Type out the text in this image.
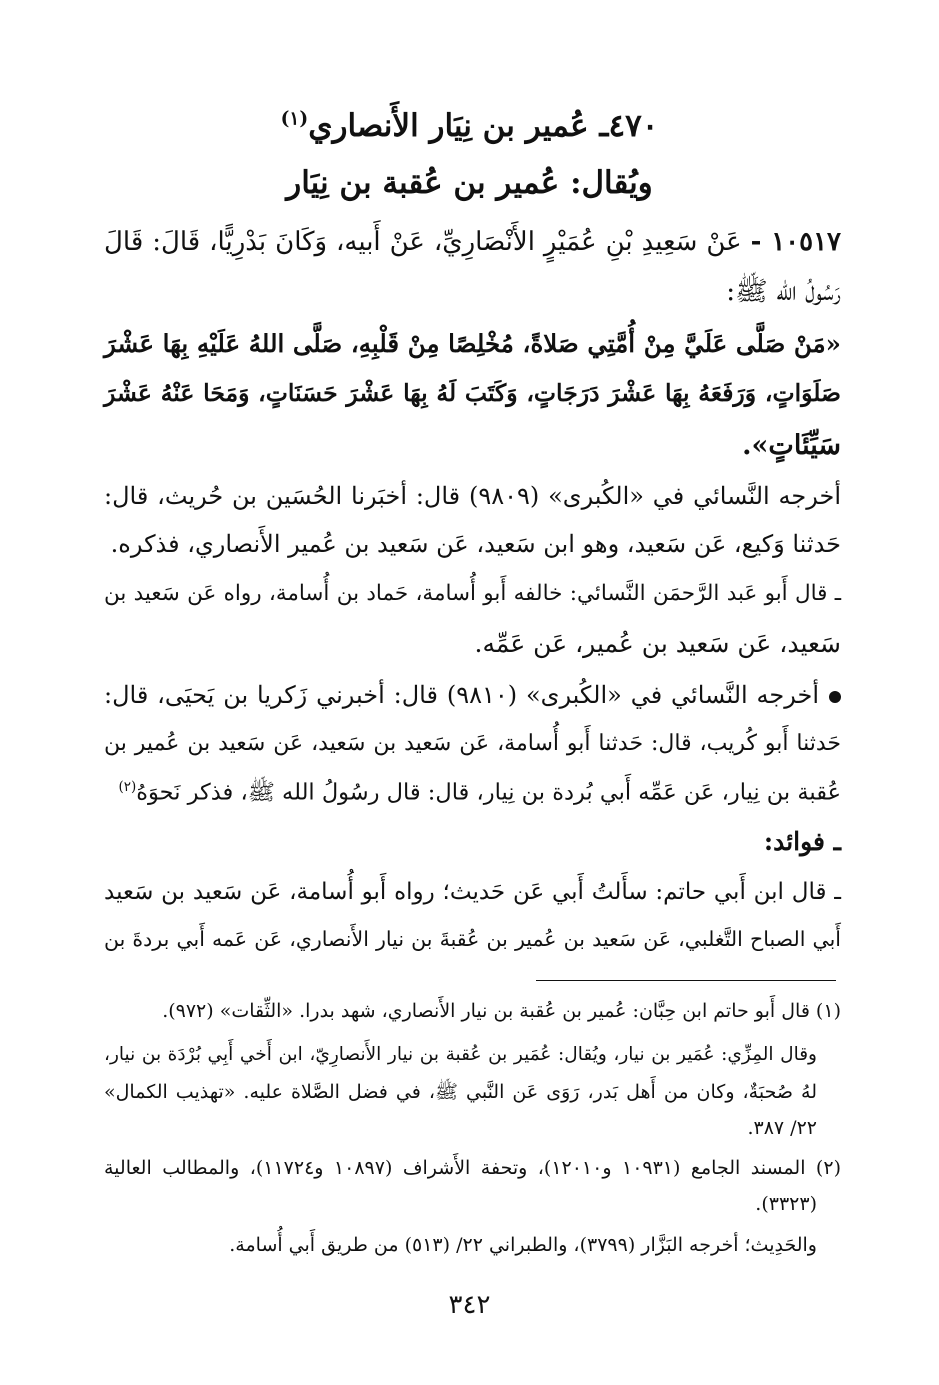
٤٧٠ـ عُمير بن نِيَار الأَنصاري$^{(١)}$
ويُقال: عُمير بن عُقبة بن نِيَار
١٠٥١٧ - عَنْ سَعِيدِ بْنِ عُمَيْرٍ الأَنْصَارِيِّ، عَنْ أَبيه، وَكَانَ بَدْرِيًّا، قَالَ: قَالَ
رَسُولُ الله ﷺ:
«مَنْ صَلَّى عَلَيَّ مِنْ أُمَّتِي صَلاةً، مُخْلِصًا مِنْ قَلْبِهِ، صَلَّى اللهُ عَلَيْهِ بِهَا عَشْرَ
صَلَوَاتٍ، وَرَفَعَهُ بِهَا عَشْرَ دَرَجَاتٍ، وَكَتَبَ لَهُ بِهَا عَشْرَ حَسَنَاتٍ، وَمَحَا عَنْهُ عَشْرَ
سَيِّئَاتٍ».
أخرجه النَّسائي في «الكُبرى» (٩٨٠٩) قال: أخبَرنا الحُسَين بن حُريث، قال:
حَدثنا وَكيع، عَن سَعيد، وهو ابن سَعيد، عَن سَعيد بن عُمير الأَنصاري، فذكره.
ـ قال أَبو عَبد الرَّحمَن النَّسائي: خالفه أَبو أُسامة، حَماد بن أُسامة، رواه عَن سَعيد بن
سَعيد، عَن سَعيد بن عُمير، عَن عَمِّه.
أخرجه النَّسائي في «الكُبرى» (٩٨١٠) قال: أخبرني زَكريا بن يَحيَى، قال:
حَدثنا أَبو كُريب، قال: حَدثنا أَبو أُسامة، عَن سَعيد بن سَعيد، عَن سَعيد بن عُمير بن
عُقبة بن نِيار، عَن عَمِّه أَبي بُردة بن نِيار، قال: قال رسُولُ الله ﷺ، فذكر نَحوَهُ$^{(٢)}$
ـ فوائد:
ـ قال ابن أَبي حاتم: سأَلتُ أَبي عَن حَديث؛ رواه أَبو أُسامة، عَن سَعيد بن سَعيد
أَبي الصباح التَّغلبي، عَن سَعيد بن عُمير بن عُقبةَ بن نيار الأَنصاري، عَن عَمه أَبي بردةَ بن
(١) قال أَبو حاتم ابن حِبَّان: عُمير بن عُقبة بن نيار الأَنصاري، شهد بدرا. «الثِّقات» (٩٧٢).
وقال المِزِّي: عُمَير بن نيار، ويُقال: عُمَير بن عُقبة بن نيار الأَنصارِيّ، ابن أَخي أَبِي بُرْدَة بن نيار،
لهُ صُحبَةٌ، وكان من أَهل بَدر، رَوَى عَن النَّبي ﷺ، في فضل الصَّلاة عليه. «تهذيب الكمال»
٢٢/ ٣٨٧.
(٢) المسند الجامع (١٠٩٣١ و١٢٠١٠)، وتحفة الأَشراف (١٠٨٩٧ و١١٧٢٤)، والمطالب العالية
(٣٣٢٣).
والحَدِيث؛ أخرجه البَزَّار (٣٧٩٩)، والطبراني ٢٢/ (٥١٣) من طريق أَبي أُسامة.
٣٤٢
